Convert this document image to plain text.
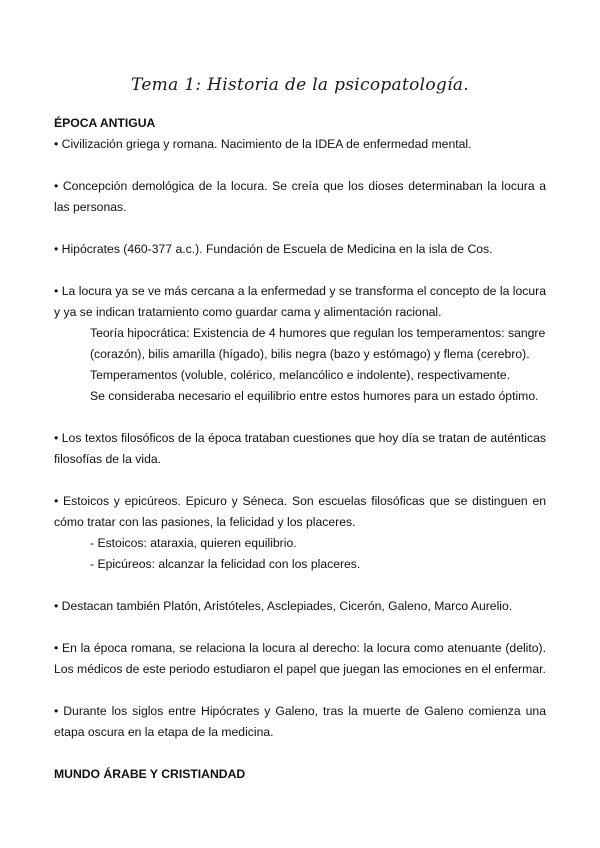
Tema 1: Historia de la psicopatología.
ÉPOCA ANTIGUA

• Civilización griega y romana. Nacimiento de la IDEA de enfermedad mental.

• Concepción demológica de la locura. Se creía que los dioses determinaban la locura a las personas.

• Hipócrates (460-377 a.c.). Fundación de Escuela de Medicina en la isla de Cos.

• La locura ya se ve más cercana a la enfermedad y se transforma el concepto de la locura y ya se indican tratamiento como guardar cama y alimentación racional.

Teoría hipocrática: Existencia de 4 humores que regulan los temperamentos: sangre (corazón), bilis amarilla (hígado), bilis negra (bazo y estómago) y flema (cerebro). Temperamentos (voluble, colérico, melancólico e indolente), respectivamente.

Se consideraba necesario el equilibrio entre estos humores para un estado óptimo.

• Los textos filosóficos de la época trataban cuestiones que hoy día se tratan de auténticas filosofías de la vida.

• Estoicos y epicúreos. Epicuro y Séneca. Son escuelas filosóficas que se distinguen en cómo tratar con las pasiones, la felicidad y los placeres.

- Estoicos: ataraxia, quieren equilibrio.

- Epicúreos: alcanzar la felicidad con los placeres.

• Destacan también Platón, Aristóteles, Asclepiades, Cicerón, Galeno, Marco Aurelio.

• En la época romana, se relaciona la locura al derecho: la locura como atenuante (delito). Los médicos de este periodo estudiaron el papel que juegan las emociones en el enfermar.

• Durante los siglos entre Hipócrates y Galeno, tras la muerte de Galeno comienza una etapa oscura en la etapa de la medicina.

MUNDO ÁRABE Y CRISTIANDAD
